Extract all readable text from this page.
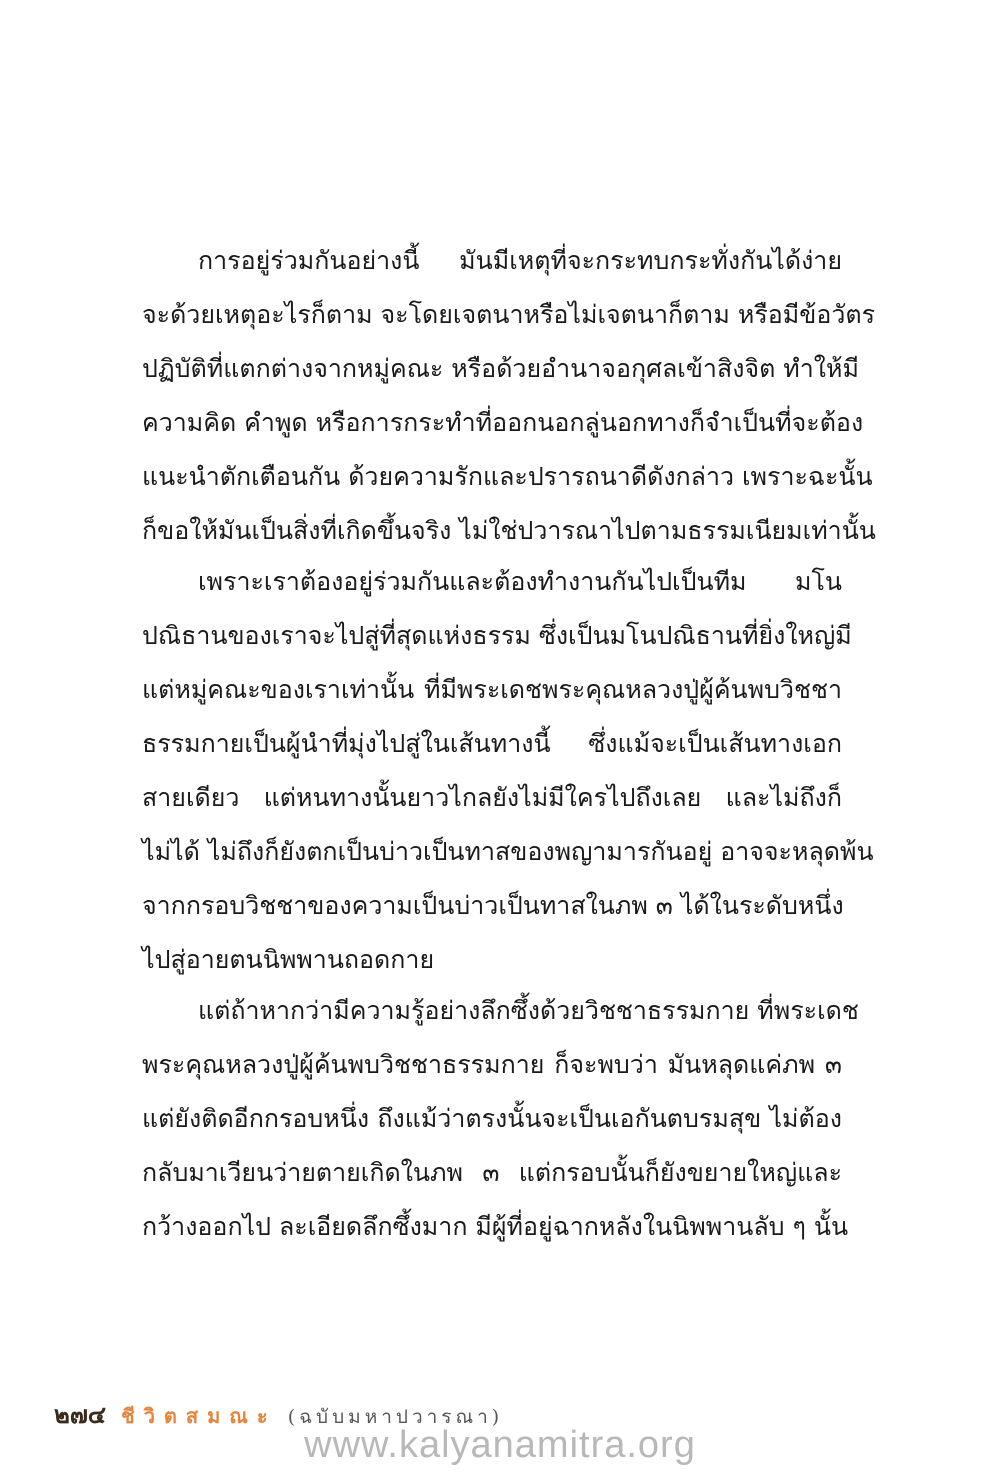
การอยู่ร่วมกันอย่างนี้ มันมีเหตุที่จะกระทบกระทั่งกันได้ง่าย
จะด้วยเหตุอะไรก็ตาม จะโดยเจตนาหรือไม่เจตนาก็ตาม หรือมีข้อวัตร
ปฏิบัติที่แตกต่างจากหมู่คณะ หรือด้วยอำนาจอกุศลเข้าสิงจิต ทำให้มี
ความคิด คำพูด หรือการกระทำที่ออกนอกลู่นอกทางก็จำเป็นที่จะต้อง
แนะนำตักเตือนกัน ด้วยความรักและปรารถนาดีดังกล่าว เพราะฉะนั้น
ก็ขอให้มันเป็นสิ่งที่เกิดขึ้นจริง ไม่ใช่ปวารณาไปตามธรรมเนียมเท่านั้น
เพราะเราต้องอยู่ร่วมกันและต้องทำงานกันไปเป็นทีม มโน
ปณิธานของเราจะไปสู่ที่สุดแห่งธรรม ซึ่งเป็นมโนปณิธานที่ยิ่งใหญ่มี
แต่หมู่คณะของเราเท่านั้น ที่มีพระเดชพระคุณหลวงปู่ผู้ค้นพบวิชชา
ธรรมกายเป็นผู้นำที่มุ่งไปสู่ในเส้นทางนี้ ซึ่งแม้จะเป็นเส้นทางเอก
สายเดียว แต่หนทางนั้นยาวไกลยังไม่มีใครไปถึงเลย และไม่ถึงก็
ไม่ได้ ไม่ถึงก็ยังตกเป็นบ่าวเป็นทาสของพญามารกันอยู่ อาจจะหลุดพ้น
จากกรอบวิชชาของความเป็นบ่าวเป็นทาสในภพ ๓ ได้ในระดับหนึ่ง
ไปสู่อายตนนิพพานถอดกาย
แต่ถ้าหากว่ามีความรู้อย่างลึกซึ้งด้วยวิชชาธรรมกาย ที่พระเดช
พระคุณหลวงปู่ผู้ค้นพบวิชชาธรรมกาย ก็จะพบว่า มันหลุดแค่ภพ ๓
แต่ยังติดอีกกรอบหนึ่ง ถึงแม้ว่าตรงนั้นจะเป็นเอกันตบรมสุข ไม่ต้อง
กลับมาเวียนว่ายตายเกิดในภพ ๓ แต่กรอบนั้นก็ยังขยายใหญ่และ
กว้างออกไป ละเอียดลึกซึ้งมาก มีผู้ที่อยู่ฉากหลังในนิพพานลับ ๆ นั้น
๒๗๔ ชีวิตสมณะ (ฉบับมหาปวารณา)
www.kalyanamitra.org
